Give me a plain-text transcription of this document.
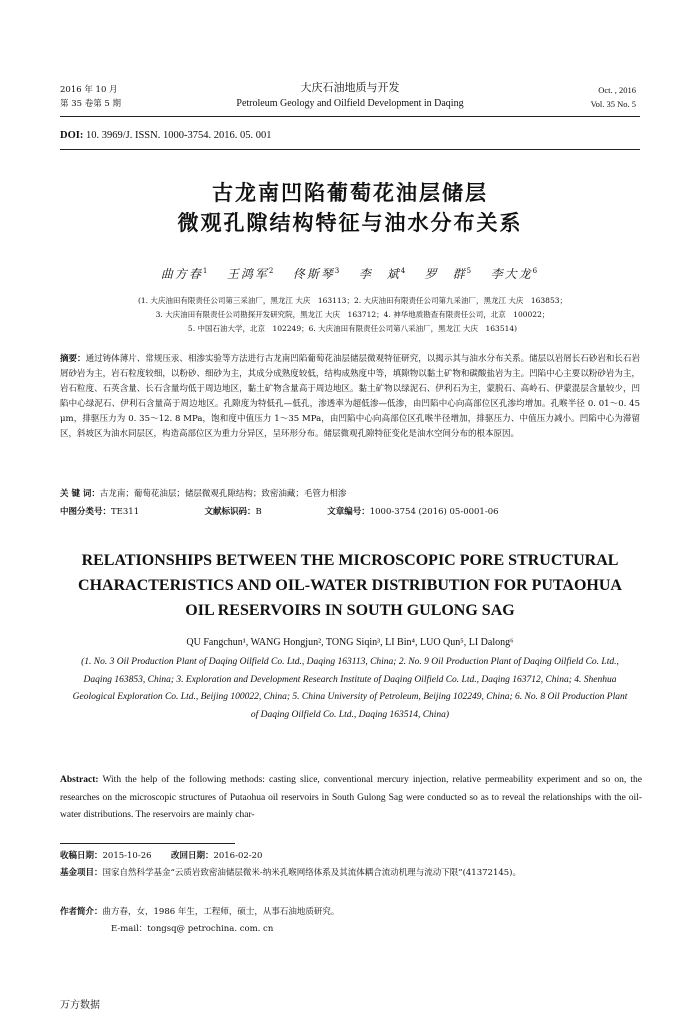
2016 年 10 月
第 35 卷第 5 期
大庆石油地质与开发
Petroleum Geology and Oilfield Development in Daqing
Oct. , 2016
Vol. 35 No. 5
DOI: 10. 3969/J. ISSN. 1000-3754. 2016. 05. 001
古龙南凹陷葡萄花油层储层
微观孔隙结构特征与油水分布关系
曲方春$^1$ 王鸿军$^2$ 佟斯琴$^3$ 李　斌$^4$ 罗　群$^5$ 李大龙$^6$
(1. 大庆油田有限责任公司第三采油厂，黑龙江 大庆　163113；2. 大庆油田有限责任公司第九采油厂，黑龙江 大庆　163853；
3. 大庆油田有限责任公司勘探开发研究院，黑龙江 大庆　163712；4. 神华地质勘查有限责任公司，北京　100022；
5. 中国石油大学，北京　102249；6. 大庆油田有限责任公司第八采油厂，黑龙江 大庆　163514)
摘要：通过铸体薄片、常规压汞、相渗实验等方法进行古龙南凹陷葡萄花油层储层微观特征研究，以揭示其与油水分布关系。储层以岩屑长石砂岩和长石岩屑砂岩为主，岩石粒度较细，以粉砂、细砂为主，其成分成熟度较低，结构成熟度中等，填隙物以黏土矿物和碳酸盐岩为主。凹陷中心主要以粉砂岩为主，岩石粒度、石英含量、长石含量均低于周边地区，黏土矿物含量高于周边地区。黏土矿物以绿泥石、伊利石为主，蒙脱石、高岭石、伊蒙混层含量较少，凹陷中心绿泥石、伊利石含量高于周边地区。孔隙度为特低孔—低孔，渗透率为超低渗—低渗，由凹陷中心向高部位区孔渗均增加。孔喉半径 0. 01～0. 45 μm，排驱压力为 0. 35～12. 8 MPa，饱和度中值压力 1～35 MPa，由凹陷中心向高部位区孔喉半径增加，排驱压力、中值压力减小。凹陷中心为滞留区，斜坡区为油水同层区，构造高部位区为重力分异区，呈环形分布。储层微观孔隙特征变化是油水空间分布的根本原因。
关 键 词：古龙南；葡萄花油层；储层微观孔隙结构；致密油藏；毛管力相渗
中图分类号：TE311	文献标识码：B	文章编号：1000-3754 (2016) 05-0001-06
RELATIONSHIPS BETWEEN THE MICROSCOPIC PORE STRUCTURAL
CHARACTERISTICS AND OIL-WATER DISTRIBUTION FOR PUTAOHUA
OIL RESERVOIRS IN SOUTH GULONG SAG
QU Fangchun¹, WANG Hongjun², TONG Siqin³, LI Bin⁴, LUO Qun⁵, LI Dalong⁶
(1. No. 3 Oil Production Plant of Daqing Oilfield Co. Ltd., Daqing 163113, China; 2. No. 9 Oil Production Plant of Daqing Oilfield Co. Ltd., Daqing 163853, China; 3. Exploration and Development Research Institute of Daqing Oilfield Co. Ltd., Daqing 163712, China; 4. Shenhua Geological Exploration Co. Ltd., Beijing 100022, China; 5. China University of Petroleum, Beijing 102249, China; 6. No. 8 Oil Production Plant of Daqing Oilfield Co. Ltd., Daqing 163514, China)
Abstract: With the help of the following methods: casting slice, conventional mercury injection, relative permeability experiment and so on, the researches on the microscopic structures of Putaohua oil reservoirs in South Gulong Sag were conducted so as to reveal the relationships with the oil-water distributions. The reservoirs are mainly char-
收稿日期：2015-10-26 改回日期：2016-02-20
基金项目：国家自然科学基金“云质岩致密油储层微米-纳米孔喉网络体系及其流体耦合流动机理与流动下限”(41372145)。
作者简介：曲方春，女，1986 年生，工程师，硕士，从事石油地质研究。
E-mail：tongsq@ petrochina. com. cn
万方数据
